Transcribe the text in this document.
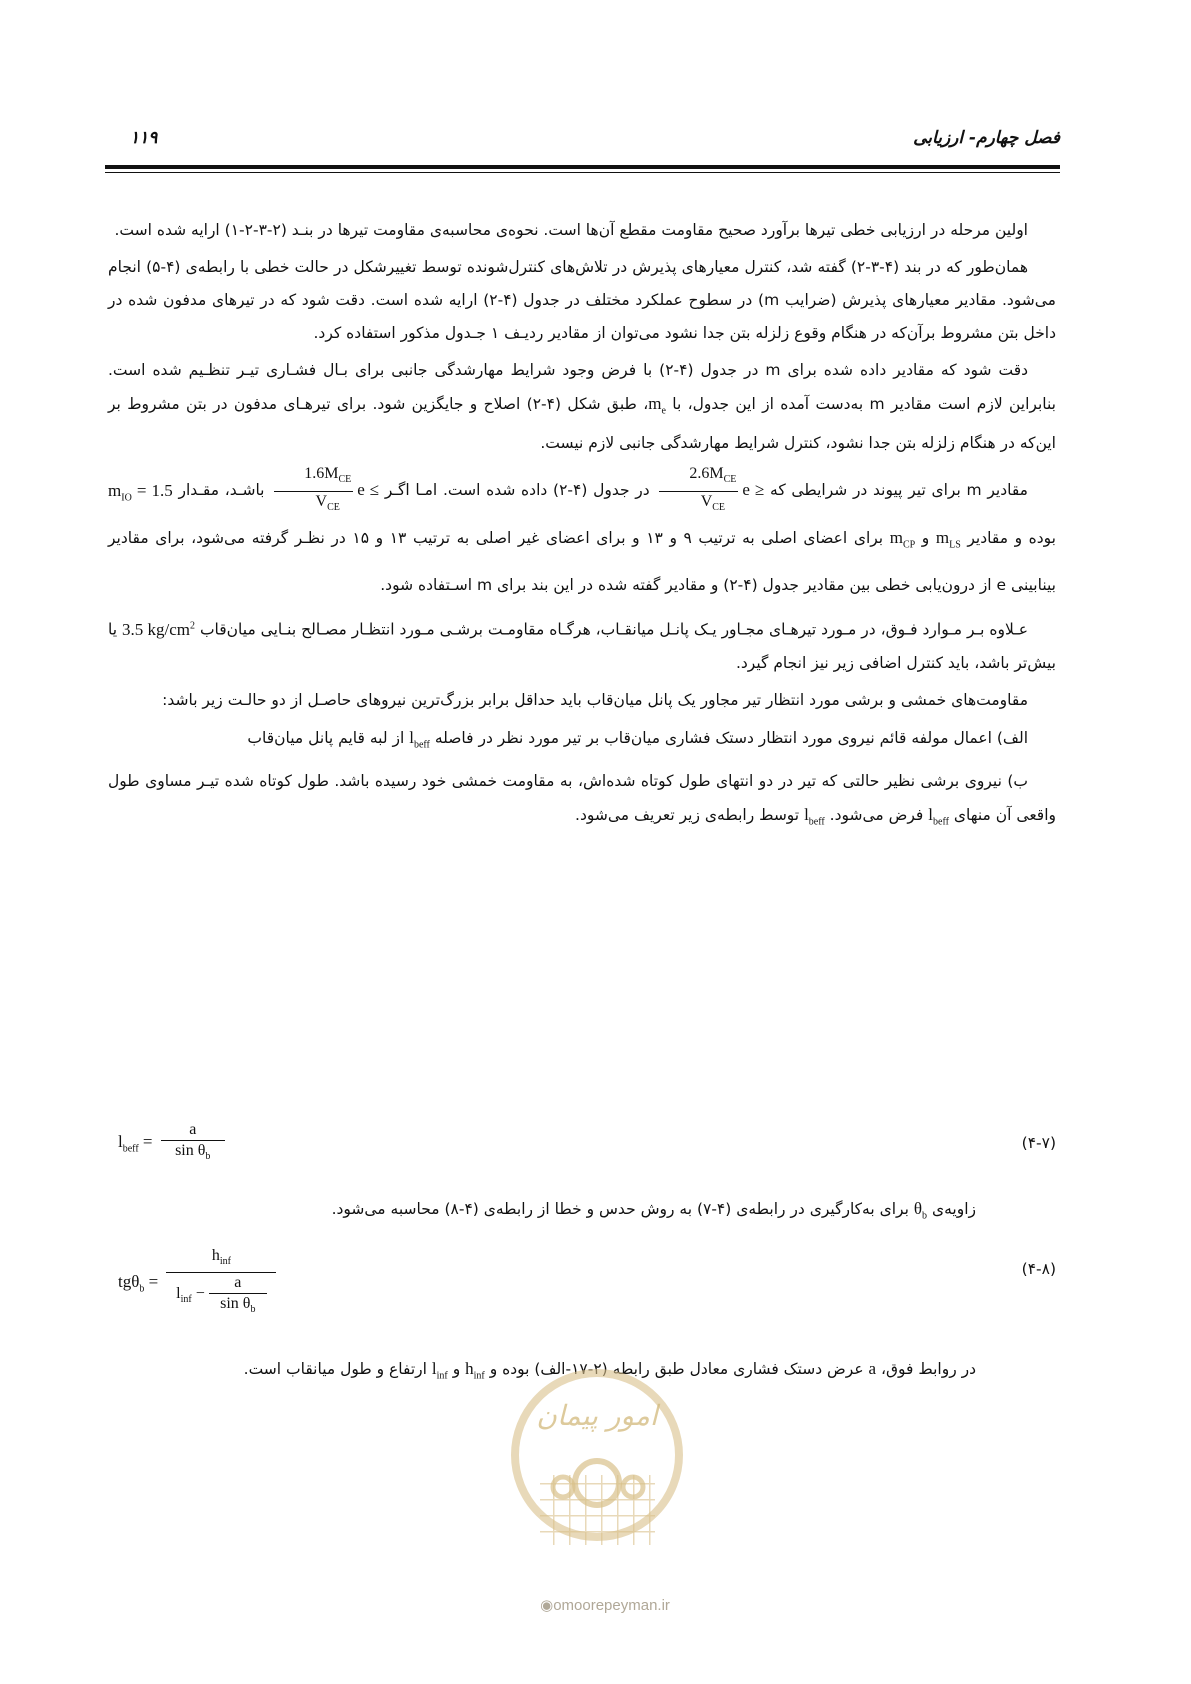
فصل چهارم- ارزیابی
۱۱۹

اولین مرحله در ارزیابی خطی تیرها برآورد صحیح مقاومت مقطع آن‌ها است. نحوه‌ی محاسبه‌ی مقاومت تیرها در بنـد (۲-۳-۲-۱) ارایه شده است.

همان‌طور که در بند (۴-۳-۲) گفته شد، کنترل معیارهای پذیرش در تلاش‌های کنترل‌شونده توسط تغییرشکل در حالت خطی با رابطه‌ی (۴-۵) انجام می‌شود. مقادیر معیارهای پذیرش (ضرایب m) در سطوح عملکرد مختلف در جدول (۴-۲) ارایه شده است. دقت شود که در تیرهای مدفون شده در داخل بتن مشروط برآن‌که در هنگام وقوع زلزله بتن جدا نشود می‌توان از مقادیر ردیـف ۱ جـدول مذکور استفاده کرد.

دقت شود که مقادیر داده شده برای m در جدول (۴-۲) با فرض وجود شرایط مهارشدگی جانبی برای بـال فشـاری تیـر تنظـیم شده است. بنابراین لازم است مقادیر m به‌دست آمده از این جدول، با $m_e،$ طبق شکل (۴-۲) اصلاح و جایگزین شود. برای تیرهـای مدفون در بتن مشروط بر این‌که در هنگام زلزله بتن جدا نشود، کنترل شرایط مهارشدگی جانبی لازم نیست.

مقادیر m برای تیر پیوند در شرایطی که e ≥
$\frac{2.6M_{CE}}{V_{CE}}$
در جدول (۴-۲) داده شده است. امـا اگـر e ≤
$\frac{1.6M_{CE}}{V_{CE}}$
باشـد، مقـدار $m_{IO} = 1.5$ بوده و مقادیر $m_{LS}$ و $m_{CP}$ برای اعضای اصلی به ترتیب ۹ و ۱۳ و برای اعضای غیر اصلی به ترتیب ۱۳ و ۱۵ در نظـر گرفته می‌شود، برای مقادیر بینابینی e از درون‌یابی خطی بین مقادیر جدول (۴-۲) و مقادیر گفته شده در این بند برای m اسـتفاده شود.

عـلاوه بـر مـوارد فـوق، در مـورد تیرهـای مجـاور یـک پانـل میانقـاب، هرگـاه مقاومـت برشـی مـورد انتظـار مصـالح بنـایی میان‌قاب 3.5 $kg/cm^2$ یا بیش‌تر باشد، باید کنترل اضافی زیر نیز انجام گیرد.

مقاومت‌های خمشی و برشی مورد انتظار تیر مجاور یک پانل میان‌قاب باید حداقل برابر بزرگ‌ترین نیروهای حاصـل از دو حالـت زیر باشد:

الف) اعمال مولفه قائم نیروی مورد انتظار دستک فشاری میان‌قاب بر تیر مورد نظر در فاصله $l_{beff}$ از لبه قایم پانل میان‌قاب

ب) نیروی برشی نظیر حالتی که تیر در دو انتهای طول کوتاه شده‌اش، به مقاومت خمشی خود رسیده باشد. طول کوتاه شده تیـر مساوی طول واقعی آن منهای $l_{beff}$ فرض می‌شود. $l_{beff}$ توسط رابطه‌ی زیر تعریف می‌شود.

$l_{beff} = \frac{a}{\sin \theta_b}$	(۴-۷)
زاویه‌ی $\theta_b$ برای به‌کارگیری در رابطه‌ی (۴-۷) به روش حدس و خطا از رابطه‌ی (۴-۸) محاسبه می‌شود.
$tg\theta_b = \frac{h_{inf}}{l_{inf} - \frac{a}{\sin \theta_b}}$	(۴-۸)
در روابط فوق، a عرض دستک فشاری معادل طبق رابطه (۲-۱۷-الف) بوده و $h_{inf}$ و $l_{inf}$ ارتفاع و طول میانقاب است.
امور پیمان
◉omoorepeyman.ir
